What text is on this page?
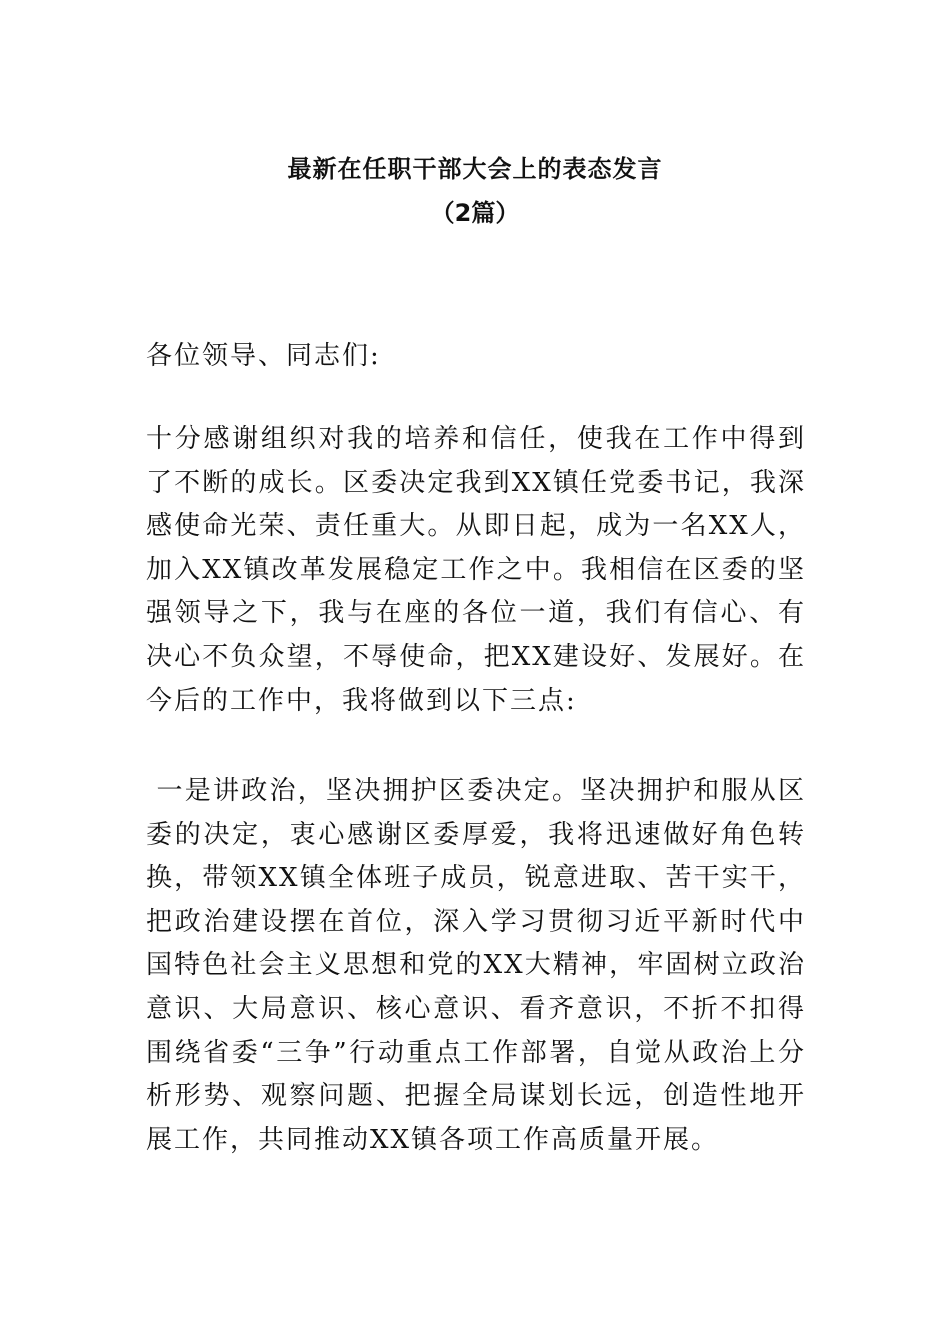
最新在任职干部大会上的表态发言
（2篇）

各位领导、同志们:

十分感谢组织对我的培养和信任，使我在工作中得到了不断的成长。区委决定我到XX镇任党委书记，我深感使命光荣、责任重大。从即日起，成为一名XX人，加入XX镇改革发展稳定工作之中。我相信在区委的坚强领导之下，我与在座的各位一道，我们有信心、有决心不负众望，不辱使命，把XX建设好、发展好。在今后的工作中，我将做到以下三点:

一是讲政治，坚决拥护区委决定。坚决拥护和服从区委的决定，衷心感谢区委厚爱，我将迅速做好角色转换，带领XX镇全体班子成员，锐意进取、苦干实干，把政治建设摆在首位，深入学习贯彻习近平新时代中国特色社会主义思想和党的XX大精神，牢固树立政治意识、大局意识、核心意识、看齐意识，不折不扣得围绕省委“三争”行动重点工作部署，自觉从政治上分析形势、观察问题、把握全局谋划长远，创造性地开展工作，共同推动XX镇各项工作高质量开展。
